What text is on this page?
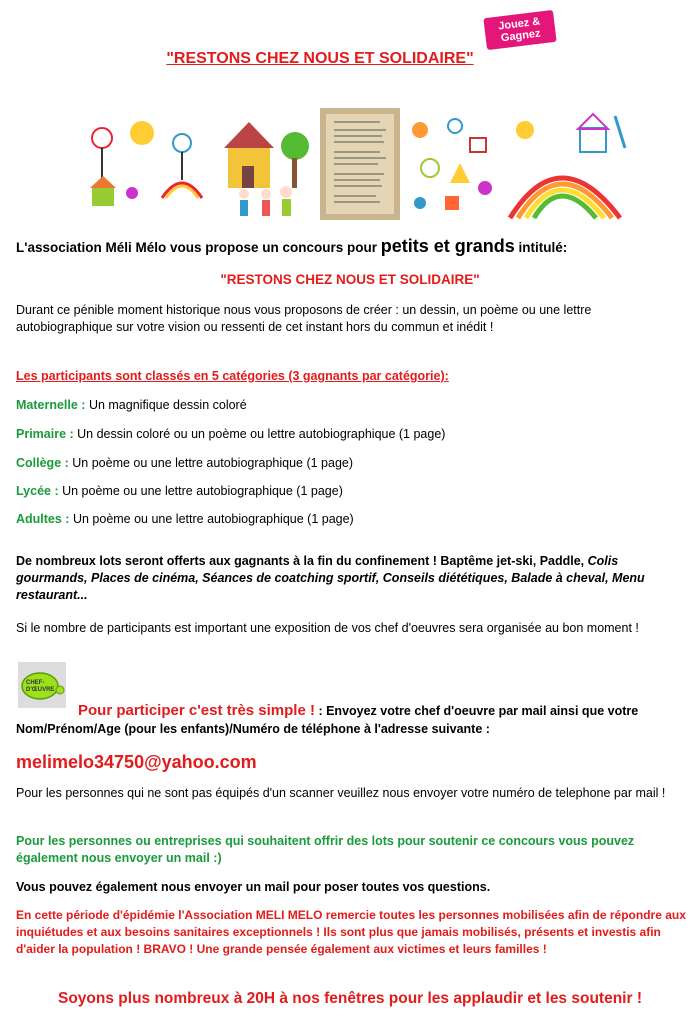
Jouez &
Gagnez
"RESTONS CHEZ NOUS ET SOLIDAIRE"
L'association Méli Mélo vous propose un concours pour petits et grands intitulé:
"RESTONS CHEZ NOUS ET SOLIDAIRE"
Durant ce pénible moment historique nous vous proposons de créer : un dessin, un poème ou une lettre autobiographique sur votre vision ou ressenti de cet instant hors du commun et inédit !
Les participants sont classés en 5 catégories (3 gagnants par catégorie):
Maternelle : Un magnifique dessin coloré
Primaire : Un dessin coloré ou un poème ou lettre autobiographique (1 page)
Collège : Un poème ou une lettre autobiographique (1 page)
Lycée : Un poème ou une lettre autobiographique (1 page)
Adultes : Un poème ou une lettre autobiographique (1 page)
De nombreux lots seront offerts aux gagnants à la fin du confinement ! Baptême jet-ski, Paddle, Colis gourmands, Places de cinéma, Séances de coatching sportif, Conseils diététiques, Balade à cheval, Menu restaurant...
Si le nombre de participants est important une exposition de vos chef d'oeuvres sera organisée au bon moment !
CHEF-D'ŒUVRE
Pour participer c'est très simple ! : Envoyez votre chef d'oeuvre par mail ainsi que votre Nom/Prénom/Age (pour les enfants)/Numéro de téléphone à l'adresse suivante :
melimelo34750@yahoo.com
Pour les personnes qui ne sont pas équipés d'un scanner veuillez nous envoyer votre numéro de telephone par mail !
Pour les personnes ou entreprises qui souhaitent offrir des lots pour soutenir ce concours vous pouvez également nous envoyer un mail :)
Vous pouvez également nous envoyer un mail pour poser toutes vos questions.
En cette période d'épidémie l'Association MELI MELO remercie toutes les personnes mobilisées afin de répondre aux inquiétudes et aux besoins sanitaires exceptionnels ! Ils sont plus que jamais mobilisés, présents et investis afin d'aider la population ! BRAVO ! Une grande pensée également aux victimes et leurs familles !
Soyons plus nombreux à 20H à nos fenêtres pour les applaudir et les soutenir !
